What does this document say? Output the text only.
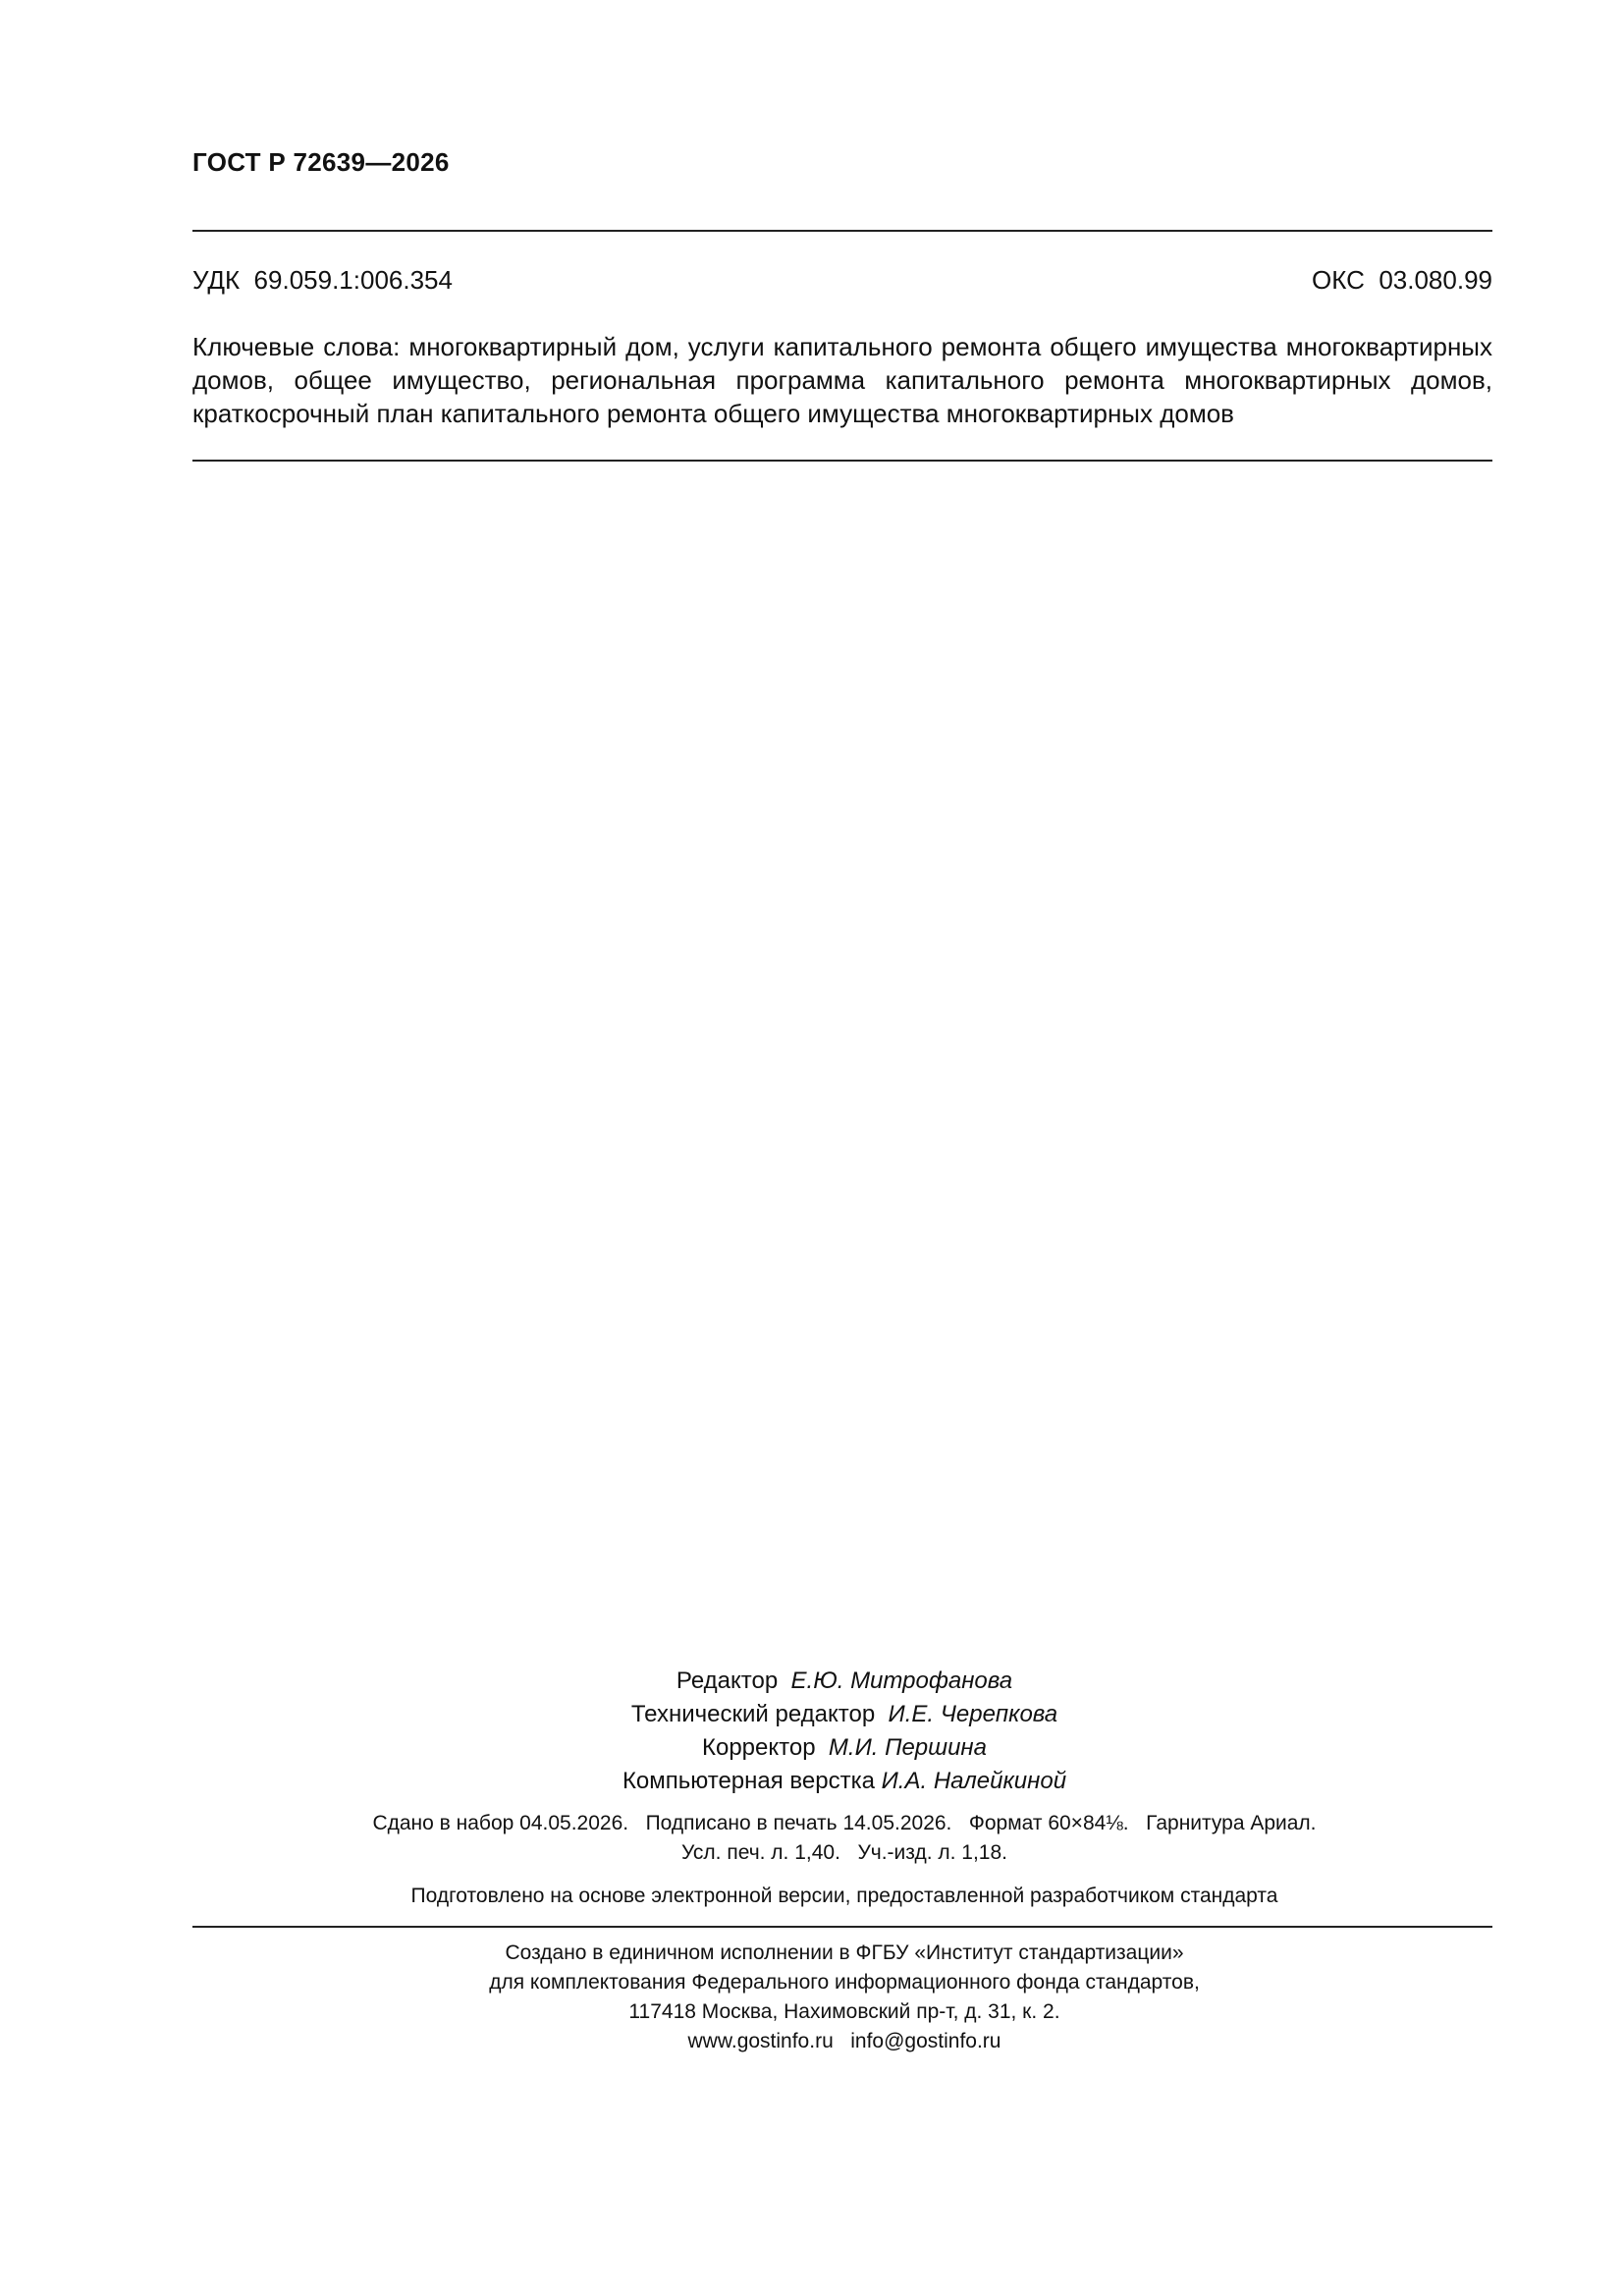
ГОСТ Р 72639—2026
УДК  69.059.1:006.354	ОКС  03.080.99
Ключевые слова: многоквартирный дом, услуги капитального ремонта общего имущества многоквартирных домов, общее имущество, региональная программа капитального ремонта многоквартирных домов, краткосрочный план капитального ремонта общего имущества многоквартирных домов
Редактор Е.Ю. Митрофанова
Технический редактор И.Е. Черепкова
Корректор М.И. Першина
Компьютерная верстка И.А. Налейкиной
Сдано в набор 04.05.2026.   Подписано в печать 14.05.2026.   Формат 60×84⅛.   Гарнитура Ариал.
Усл. печ. л. 1,40.   Уч.-изд. л. 1,18.
Подготовлено на основе электронной версии, предоставленной разработчиком стандарта
Создано в единичном исполнении в ФГБУ «Институт стандартизации»
для комплектования Федерального информационного фонда стандартов,
117418 Москва, Нахимовский пр-т, д. 31, к. 2.
www.gostinfo.ru   info@gostinfo.ru
